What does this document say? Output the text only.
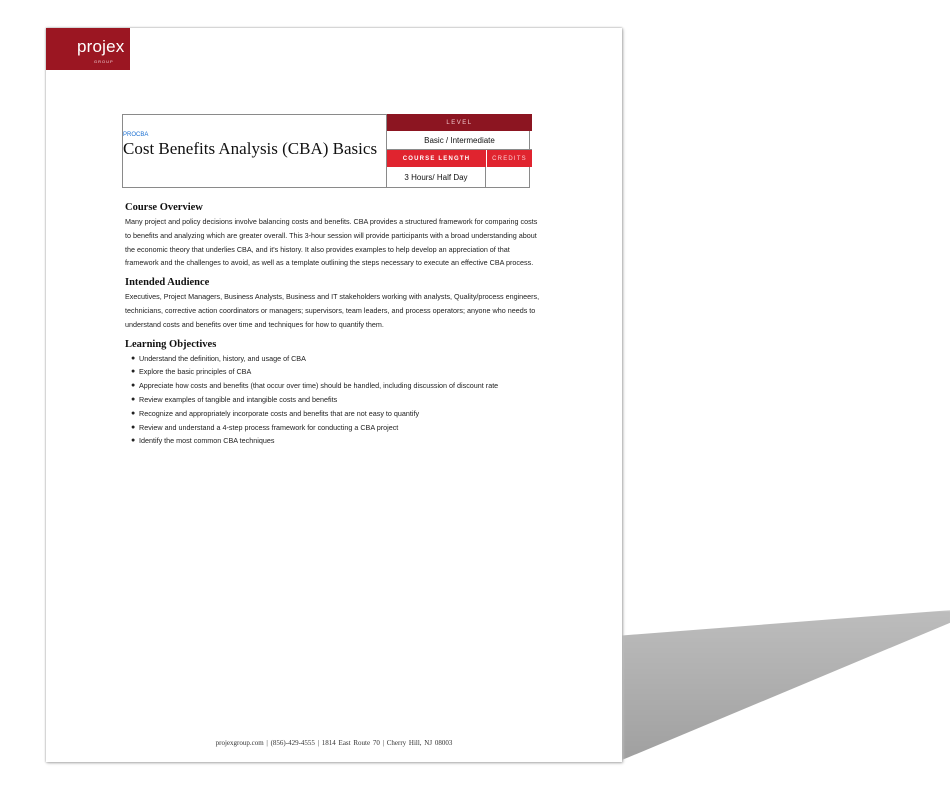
projex
GROUP
PROCBA
Cost Benefits Analysis (CBA) Basics
LEVEL
Basic / Intermediate
COURSE LENGTH	CREDITS
3 Hours/ Half Day
Course Overview

Many project and policy decisions involve balancing costs and benefits. CBA provides a structured framework for comparing costs to benefits and analyzing which are greater overall. This 3-hour session will provide participants with a broad understanding about the economic theory that underlies CBA, and it's history. It also provides examples to help develop an appreciation of that framework and the challenges to avoid, as well as a template outlining the steps necessary to execute an effective CBA process.

Intended Audience

Executives, Project Managers, Business Analysts, Business and IT stakeholders working with analysts, Quality/process engineers, technicians, corrective action coordinators or managers; supervisors, team leaders, and process operators; anyone who needs to understand costs and benefits over time and techniques for how to quantify them.

Learning Objectives
● Understand the definition, history, and usage of CBA
● Explore the basic principles of CBA
● Appreciate how costs and benefits (that occur over time) should be handled, including discussion of discount rate
● Review examples of tangible and intangible costs and benefits
● Recognize and appropriately incorporate costs and benefits that are not easy to quantify
● Review and understand a 4-step process framework for conducting a CBA project
● Identify the most common CBA techniques
projexgroup.com | (856)-429-4555 | 1814 East Route 70 | Cherry Hill, NJ 08003
